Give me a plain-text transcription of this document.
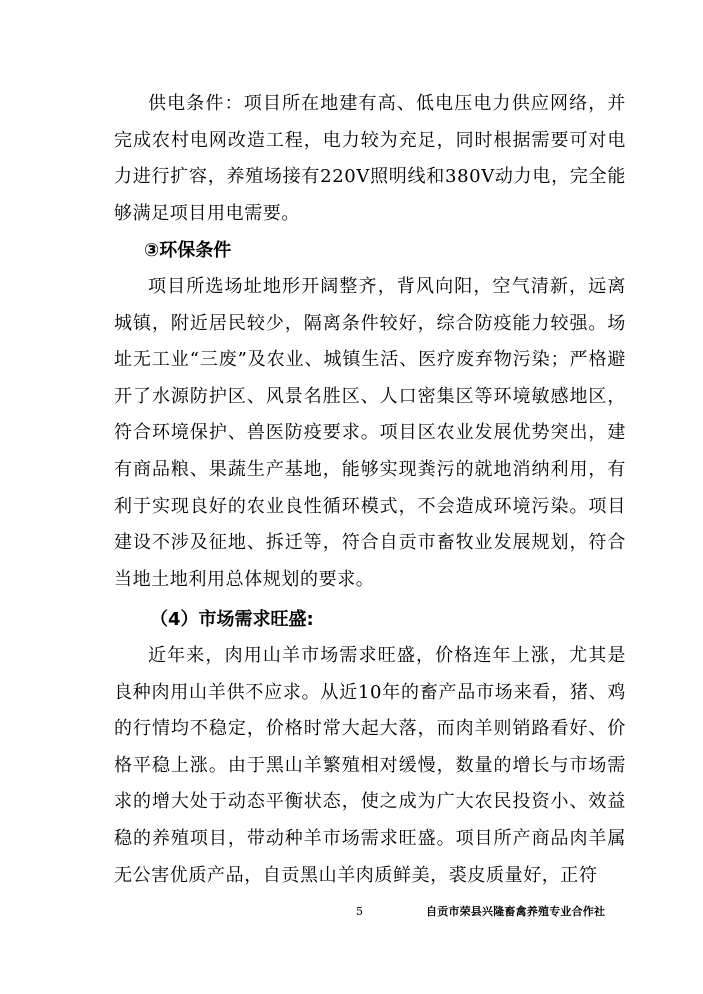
供电条件：项目所在地建有高、低电压电力供应网络，并完成农村电网改造工程，电力较为充足，同时根据需要可对电力进行扩容，养殖场接有220V照明线和380V动力电，完全能够满足项目用电需要。

③环保条件

项目所选场址地形开阔整齐，背风向阳，空气清新，远离城镇，附近居民较少，隔离条件较好，综合防疫能力较强。场址无工业“三废”及农业、城镇生活、医疗废弃物污染；严格避开了水源防护区、风景名胜区、人口密集区等环境敏感地区，符合环境保护、兽医防疫要求。项目区农业发展优势突出，建有商品粮、果蔬生产基地，能够实现粪污的就地消纳利用，有利于实现良好的农业良性循环模式，不会造成环境污染。项目建设不涉及征地、拆迁等，符合自贡市畜牧业发展规划，符合当地土地利用总体规划的要求。

（4）市场需求旺盛:

近年来，肉用山羊市场需求旺盛，价格连年上涨，尤其是良种肉用山羊供不应求。从近10年的畜产品市场来看，猪、鸡的行情均不稳定，价格时常大起大落，而肉羊则销路看好、价格平稳上涨。由于黑山羊繁殖相对缓慢，数量的增长与市场需求的增大处于动态平衡状态，使之成为广大农民投资小、效益稳的养殖项目，带动种羊市场需求旺盛。项目所产商品肉羊属无公害优质产品，自贡黑山羊肉质鲜美，裘皮质量好，正符

5	自贡市荣县兴隆畜禽养殖专业合作社
